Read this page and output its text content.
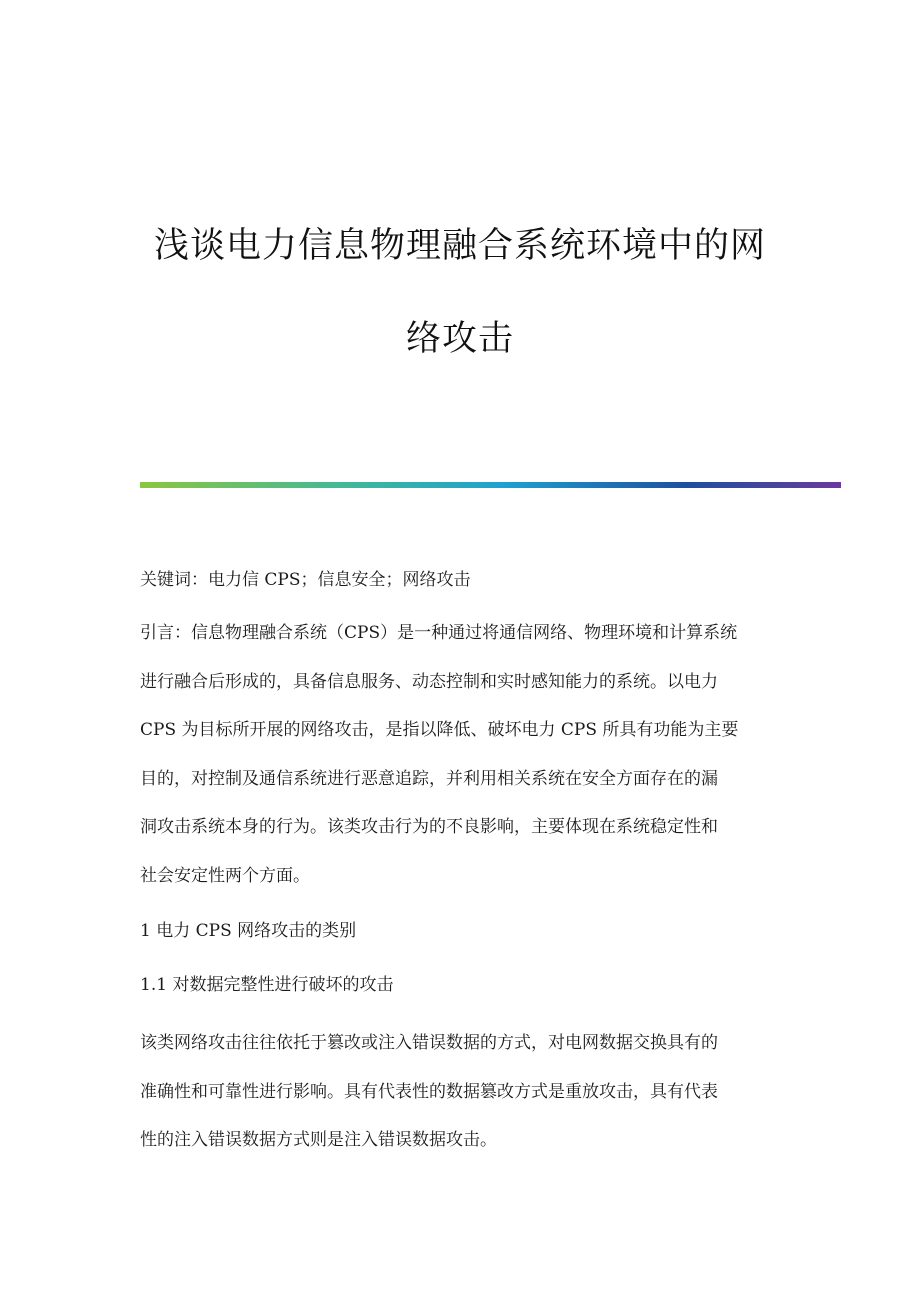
浅谈电力信息物理融合系统环境中的网
络攻击
关键词：电力信 CPS；信息安全；网络攻击
引言：信息物理融合系统（CPS）是一种通过将通信网络、物理环境和计算系统
进行融合后形成的，具备信息服务、动态控制和实时感知能力的系统。以电力
CPS 为目标所开展的网络攻击，是指以降低、破坏电力 CPS 所具有功能为主要
目的，对控制及通信系统进行恶意追踪，并利用相关系统在安全方面存在的漏
洞攻击系统本身的行为。该类攻击行为的不良影响，主要体现在系统稳定性和
社会安定性两个方面。
1 电力 CPS 网络攻击的类别
1.1 对数据完整性进行破坏的攻击
该类网络攻击往往依托于篡改或注入错误数据的方式，对电网数据交换具有的
准确性和可靠性进行影响。具有代表性的数据篡改方式是重放攻击，具有代表
性的注入错误数据方式则是注入错误数据攻击。
